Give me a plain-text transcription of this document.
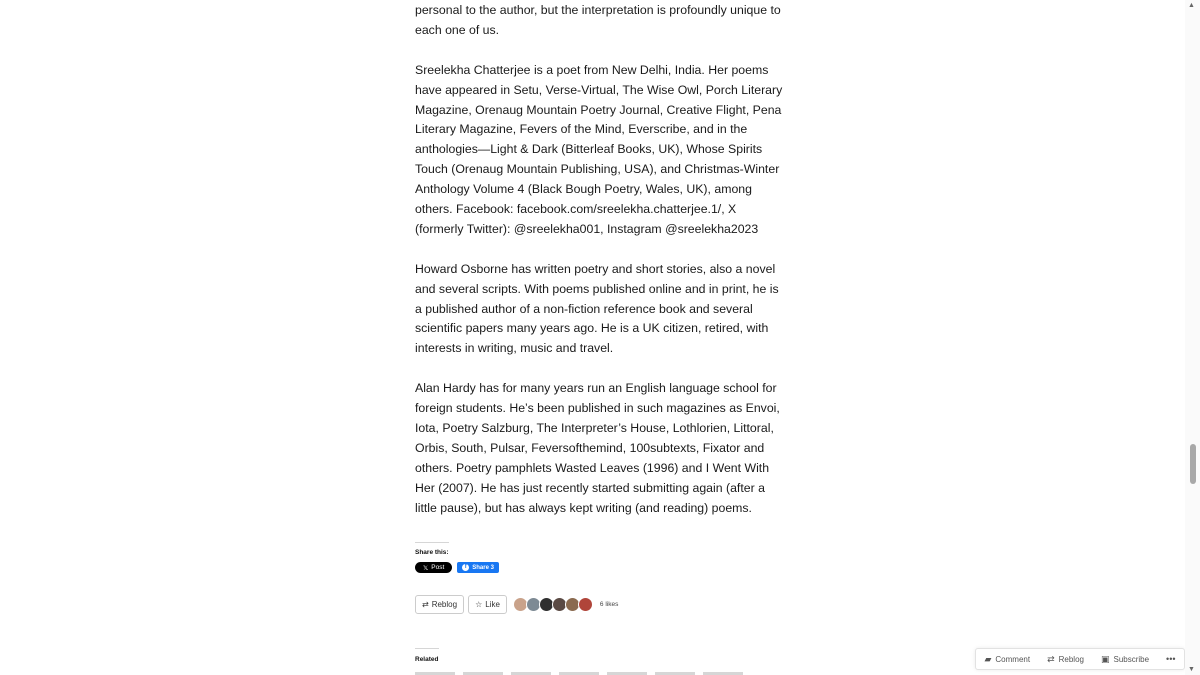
personal to the author, but the interpretation is profoundly unique to each one of us.

Sreelekha Chatterjee is a poet from New Delhi, India. Her poems have appeared in Setu, Verse-Virtual, The Wise Owl, Porch Literary Magazine, Orenaug Mountain Poetry Journal, Creative Flight, Pena Literary Magazine, Fevers of the Mind, Everscribe, and in the anthologies—Light & Dark (Bitterleaf Books, UK), Whose Spirits Touch (Orenaug Mountain Publishing, USA), and Christmas-Winter Anthology Volume 4 (Black Bough Poetry, Wales, UK), among others. Facebook: facebook.com/sreelekha.chatterjee.1/, X (formerly Twitter): @sreelekha001, Instagram @sreelekha2023

Howard Osborne has written poetry and short stories, also a novel and several scripts. With poems published online and in print, he is a published author of a non-fiction reference book and several scientific papers many years ago. He is a UK citizen, retired, with interests in writing, music and travel.

Alan Hardy has for many years run an English language school for foreign students. He’s been published in such magazines as Envoi, Iota, Poetry Salzburg, The Interpreter’s House, Lothlorien, Littoral, Orbis, South, Pulsar, Feversofthemind, 100subtexts, Fixator and others. Poetry pamphlets Wasted Leaves (1996) and I Went With Her (2007). He has just recently started submitting again (after a little pause), but has always kept writing (and reading) poems.

Share this:
𝕏 Post	f Share 3
⇄ Reblog ☆ Like	6 likes
Related	▰ Comment ⇄ Reblog ▣ Subscribe •••
▲
▼
